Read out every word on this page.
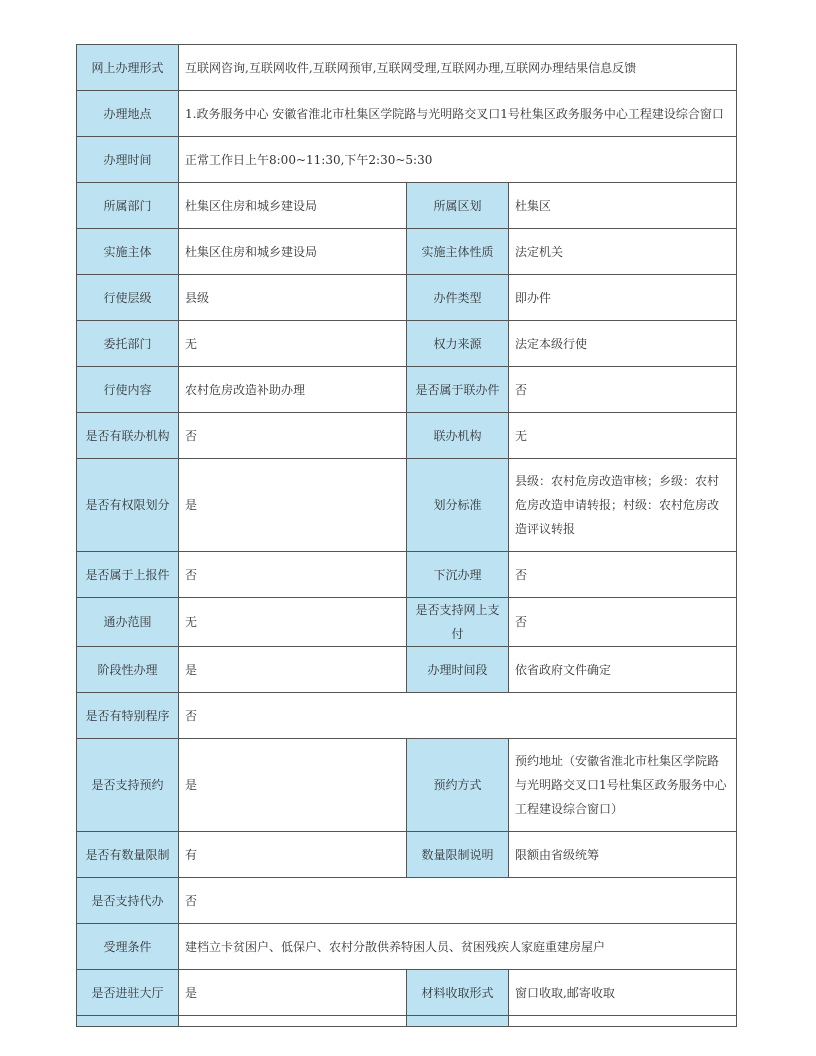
网上办理形式	互联网咨询,互联网收件,互联网预审,互联网受理,互联网办理,互联网办理结果信息反馈		
办理地点	1.政务服务中心 安徽省淮北市杜集区学院路与光明路交叉口1号杜集区政务服务中心工程建设综合窗口		
办理时间	正常工作日上午8:00~11:30,下午2:30~5:30		
所属部门	杜集区住房和城乡建设局	所属区划	杜集区
实施主体	杜集区住房和城乡建设局	实施主体性质	法定机关
行使层级	县级	办件类型	即办件
委托部门	无	权力来源	法定本级行使
行使内容	农村危房改造补助办理	是否属于联办件	否
是否有联办机构	否	联办机构	无
是否有权限划分	是	划分标准	县级：农村危房改造审核；乡级：农村危房改造申请转报；村级：农村危房改造评议转报
是否属于上报件	否	下沉办理	否
通办范围	无	是否支持网上支付	否
阶段性办理	是	办理时间段	依省政府文件确定
是否有特别程序	否		
是否支持预约	是	预约方式	预约地址（安徽省淮北市杜集区学院路与光明路交叉口1号杜集区政务服务中心工程建设综合窗口）
是否有数量限制	有	数量限制说明	限额由省级统筹
是否支持代办	否		
受理条件	建档立卡贫困户、低保户、农村分散供养特困人员、贫困残疾人家庭重建房屋户		
是否进驻大厅	是	材料收取形式	窗口收取,邮寄收取
